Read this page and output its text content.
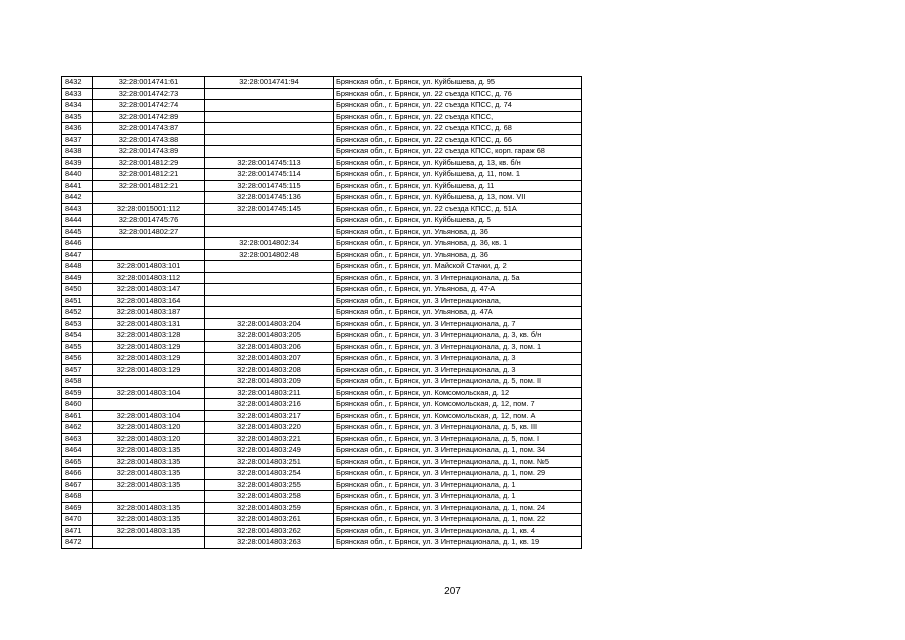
8432	32:28:0014741:61	32:28:0014741:94	Брянская обл., г. Брянск, ул. Куйбышева, д. 95
8433	32:28:0014742:73		Брянская обл., г. Брянск, ул. 22 съезда КПСС, д. 76
8434	32:28:0014742:74		Брянская обл., г. Брянск, ул. 22 съезда КПСС, д. 74
8435	32:28:0014742:89		Брянская обл., г. Брянск, ул. 22 съезда КПСС,
8436	32:28:0014743:87		Брянская обл., г. Брянск, ул. 22 съезда КПСС, д. 68
8437	32:28:0014743:88		Брянская обл., г. Брянск, ул. 22 съезда КПСС, д. 66
8438	32:28:0014743:89		Брянская обл., г. Брянск, ул. 22 съезда КПСС, корп. гараж 68
8439	32:28:0014812:29	32:28:0014745:113	Брянская обл., г. Брянск, ул. Куйбышева, д. 13, кв. б/н
8440	32:28:0014812:21	32:28:0014745:114	Брянская обл., г. Брянск, ул. Куйбышева, д. 11, пом. 1
8441	32:28:0014812:21	32:28:0014745:115	Брянская обл., г. Брянск, ул. Куйбышева, д. 11
8442		32:28:0014745:136	Брянская обл., г. Брянск, ул. Куйбышева, д. 13, пом. VII
8443	32:28:0015001:112	32:28:0014745:145	Брянская обл., г. Брянск, ул. 22 съезда КПСС, д. 51А
8444	32:28:0014745:76		Брянская обл., г. Брянск, ул. Куйбышева, д. 5
8445	32:28:0014802:27		Брянская обл., г. Брянск, ул. Ульянова, д. 36
8446		32:28:0014802:34	Брянская обл., г. Брянск, ул. Ульянова, д. 36, кв. 1
8447		32:28:0014802:48	Брянская обл., г. Брянск, ул. Ульянова, д. 36
8448	32:28:0014803:101		Брянская обл., г. Брянск, ул. Майской Стачки, д. 2
8449	32:28:0014803:112		Брянская обл., г. Брянск, ул. 3 Интернационала, д. 5а
8450	32:28:0014803:147		Брянская обл., г. Брянск, ул. Ульянова, д. 47-А
8451	32:28:0014803:164		Брянская обл., г. Брянск, ул. 3 Интернационала,
8452	32:28:0014803:187		Брянская обл., г. Брянск, ул. Ульянова, д. 47А
8453	32:28:0014803:131	32:28:0014803:204	Брянская обл., г. Брянск, ул. 3 Интернационала, д. 7
8454	32:28:0014803:128	32:28:0014803:205	Брянская обл., г. Брянск, ул. 3 Интернационала, д. 3, кв. б/н
8455	32:28:0014803:129	32:28:0014803:206	Брянская обл., г. Брянск, ул. 3 Интернационала, д. 3, пом. 1
8456	32:28:0014803:129	32:28:0014803:207	Брянская обл., г. Брянск, ул. 3 Интернационала, д. 3
8457	32:28:0014803:129	32:28:0014803:208	Брянская обл., г. Брянск, ул. 3 Интернационала, д. 3
8458		32:28:0014803:209	Брянская обл., г. Брянск, ул. 3 Интернационала, д. 5, пом. II
8459	32:28:0014803:104	32:28:0014803:211	Брянская обл., г. Брянск, ул. Комсомольская, д. 12
8460		32:28:0014803:216	Брянская обл., г. Брянск, ул. Комсомольская, д. 12, пом. 7
8461	32:28:0014803:104	32:28:0014803:217	Брянская обл., г. Брянск, ул. Комсомольская, д. 12, пом. А
8462	32:28:0014803:120	32:28:0014803:220	Брянская обл., г. Брянск, ул. 3 Интернационала, д. 5, кв. III
8463	32:28:0014803:120	32:28:0014803:221	Брянская обл., г. Брянск, ул. 3 Интернационала, д. 5, пом. I
8464	32:28:0014803:135	32:28:0014803:249	Брянская обл., г. Брянск, ул. 3 Интернационала, д. 1, пом. 34
8465	32:28:0014803:135	32:28:0014803:251	Брянская обл., г. Брянск, ул. 3 Интернационала, д. 1, пом. №5
8466	32:28:0014803:135	32:28:0014803:254	Брянская обл., г. Брянск, ул. 3 Интернационала, д. 1, пом. 29
8467	32:28:0014803:135	32:28:0014803:255	Брянская обл., г. Брянск, ул. 3 Интернационала, д. 1
8468		32:28:0014803:258	Брянская обл., г. Брянск, ул. 3 Интернационала, д. 1
8469	32:28:0014803:135	32:28:0014803:259	Брянская обл., г. Брянск, ул. 3 Интернационала, д. 1, пом. 24
8470	32:28:0014803:135	32:28:0014803:261	Брянская обл., г. Брянск, ул. 3 Интернационала, д. 1, пом. 22
8471	32:28:0014803:135	32:28:0014803:262	Брянская обл., г. Брянск, ул. 3 Интернационала, д. 1, кв. 4
8472		32:28:0014803:263	Брянская обл., г. Брянск, ул. 3 Интернационала, д. 1, кв. 19
207
